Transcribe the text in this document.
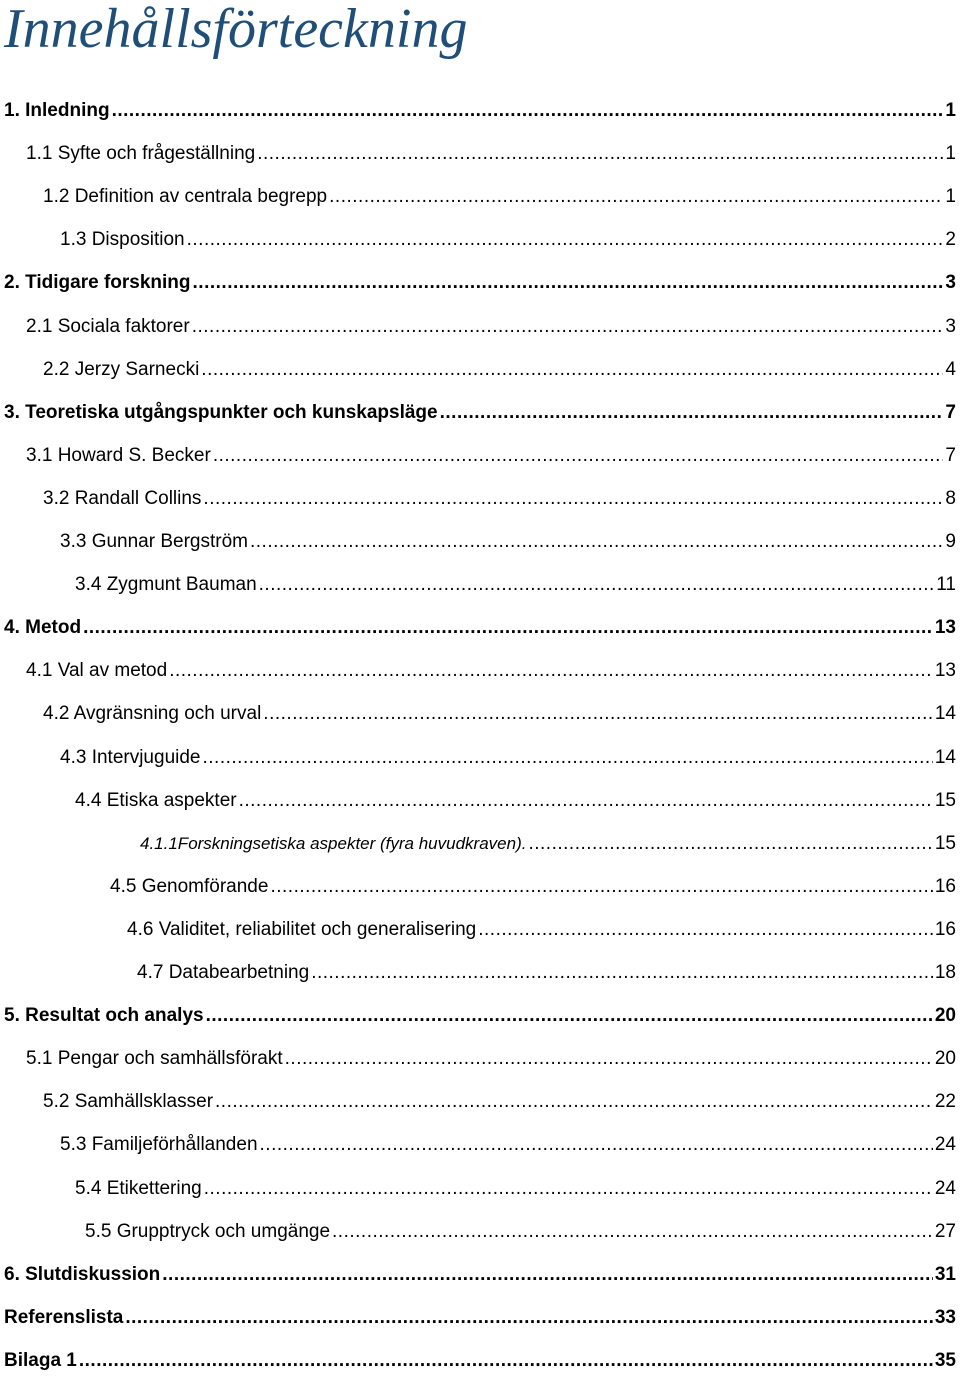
Innehållsförteckning
1. Inledning .....	1
1.1 Syfte och frågeställning .....	1
1.2 Definition av centrala begrepp .....	1
1.3 Disposition .....	2
2. Tidigare forskning .....	3
2.1 Sociala faktorer .....	3
2.2 Jerzy Sarnecki .....	4
3. Teoretiska utgångspunkter och kunskapsläge .....	7
3.1 Howard S. Becker .....	7
3.2 Randall Collins .....	8
3.3 Gunnar Bergström .....	9
3.4 Zygmunt Bauman .....	11
4. Metod .....	13
4.1 Val av metod .....	13
4.2 Avgränsning och urval .....	14
4.3 Intervjuguide .....	14
4.4 Etiska aspekter .....	15
4.1.1Forskningsetiska aspekter (fyra huvudkraven). .....	15
4.5 Genomförande .....	16
4.6 Validitet, reliabilitet och generalisering .....	16
4.7 Databearbetning .....	18
5. Resultat och analys .....	20
5.1 Pengar och samhällsförakt .....	20
5.2 Samhällsklasser .....	22
5.3 Familjeförhållanden .....	24
5.4 Etikettering .....	24
5.5 Grupptryck och umgänge .....	27
6. Slutdiskussion .....	31
Referenslista .....	33
Bilaga 1 .....	35
